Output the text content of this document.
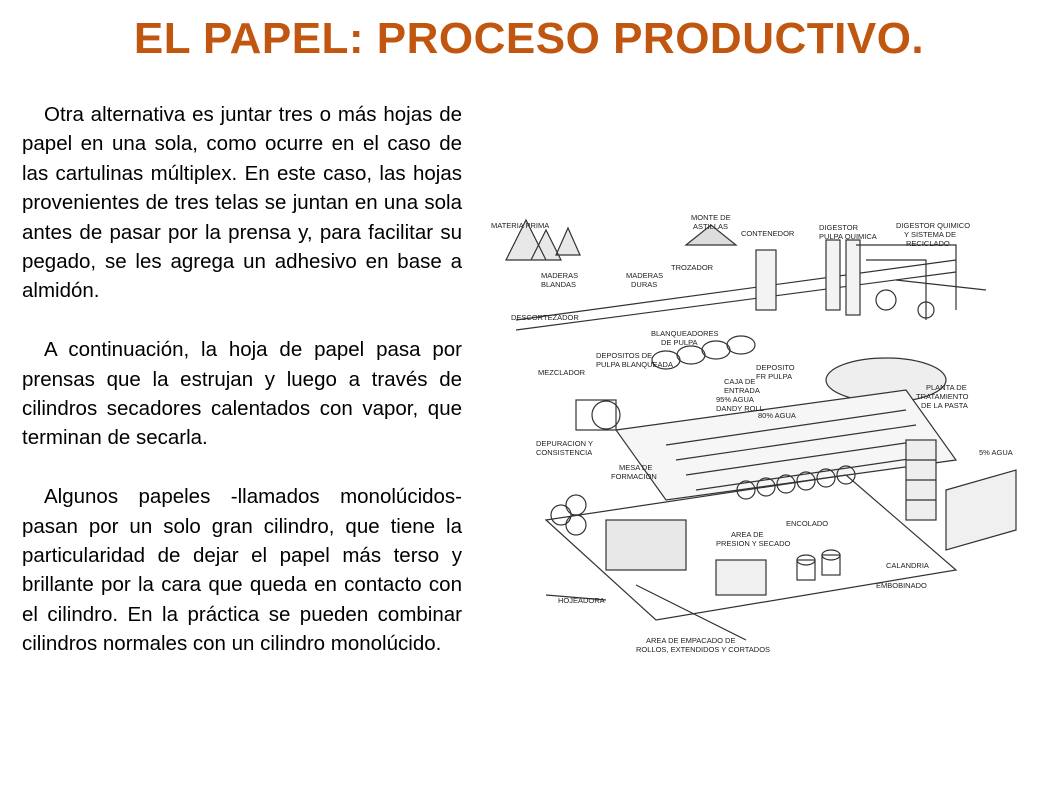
EL PAPEL: PROCESO PRODUCTIVO.

Otra alternativa es juntar tres o más hojas de papel en una sola, como ocurre en el caso de las cartulinas múltiplex. En este caso, las hojas provenientes de tres telas se juntan en una sola antes de pasar por la prensa y, para facilitar su pegado, se les agrega un adhesivo en base a almidón.

A continuación, la hoja de papel pasa por prensas que la estrujan y luego a través de cilindros secadores calentados con vapor, que terminan de secarla.

Algunos papeles -llamados monolúcidos- pasan por un solo gran cilindro, que tiene la particularidad de dejar el papel más terso y brillante por la cara que queda en contacto con el cilindro. En la práctica se pueden combinar cilindros normales con un cilindro monolúcido.

MATERIA PRIMA
MONTE DE
ASTILLAS
CONTENEDOR
DIGESTOR
PULPA QUIMICA
DIGESTOR QUIMICO
Y SISTEMA DE
RECICLADO
MADERAS
BLANDAS
MADERAS
DURAS
TROZADOR
DESCORTEZADOR
BLANQUEADORES
DE PULPA
DEPOSITOS DE
PULPA BLANQUEADA	DEPOSITO
FR PULPA
MEZCLADOR
CAJA DE
ENTRADA
95% AGUA
DANDY ROLL
80% AGUA
PLANTA DE
TRATAMIENTO
DE LA PASTA
DEPURACION Y
CONSISTENCIA
MESA DE
FORMACION
5% AGUA
ENCOLADO
AREA DE
PRESION Y SECADO
CALANDRIA
EMBOBINADO
HOJEADORA
AREA DE EMPACADO DE
ROLLOS, EXTENDIDOS Y CORTADOS
